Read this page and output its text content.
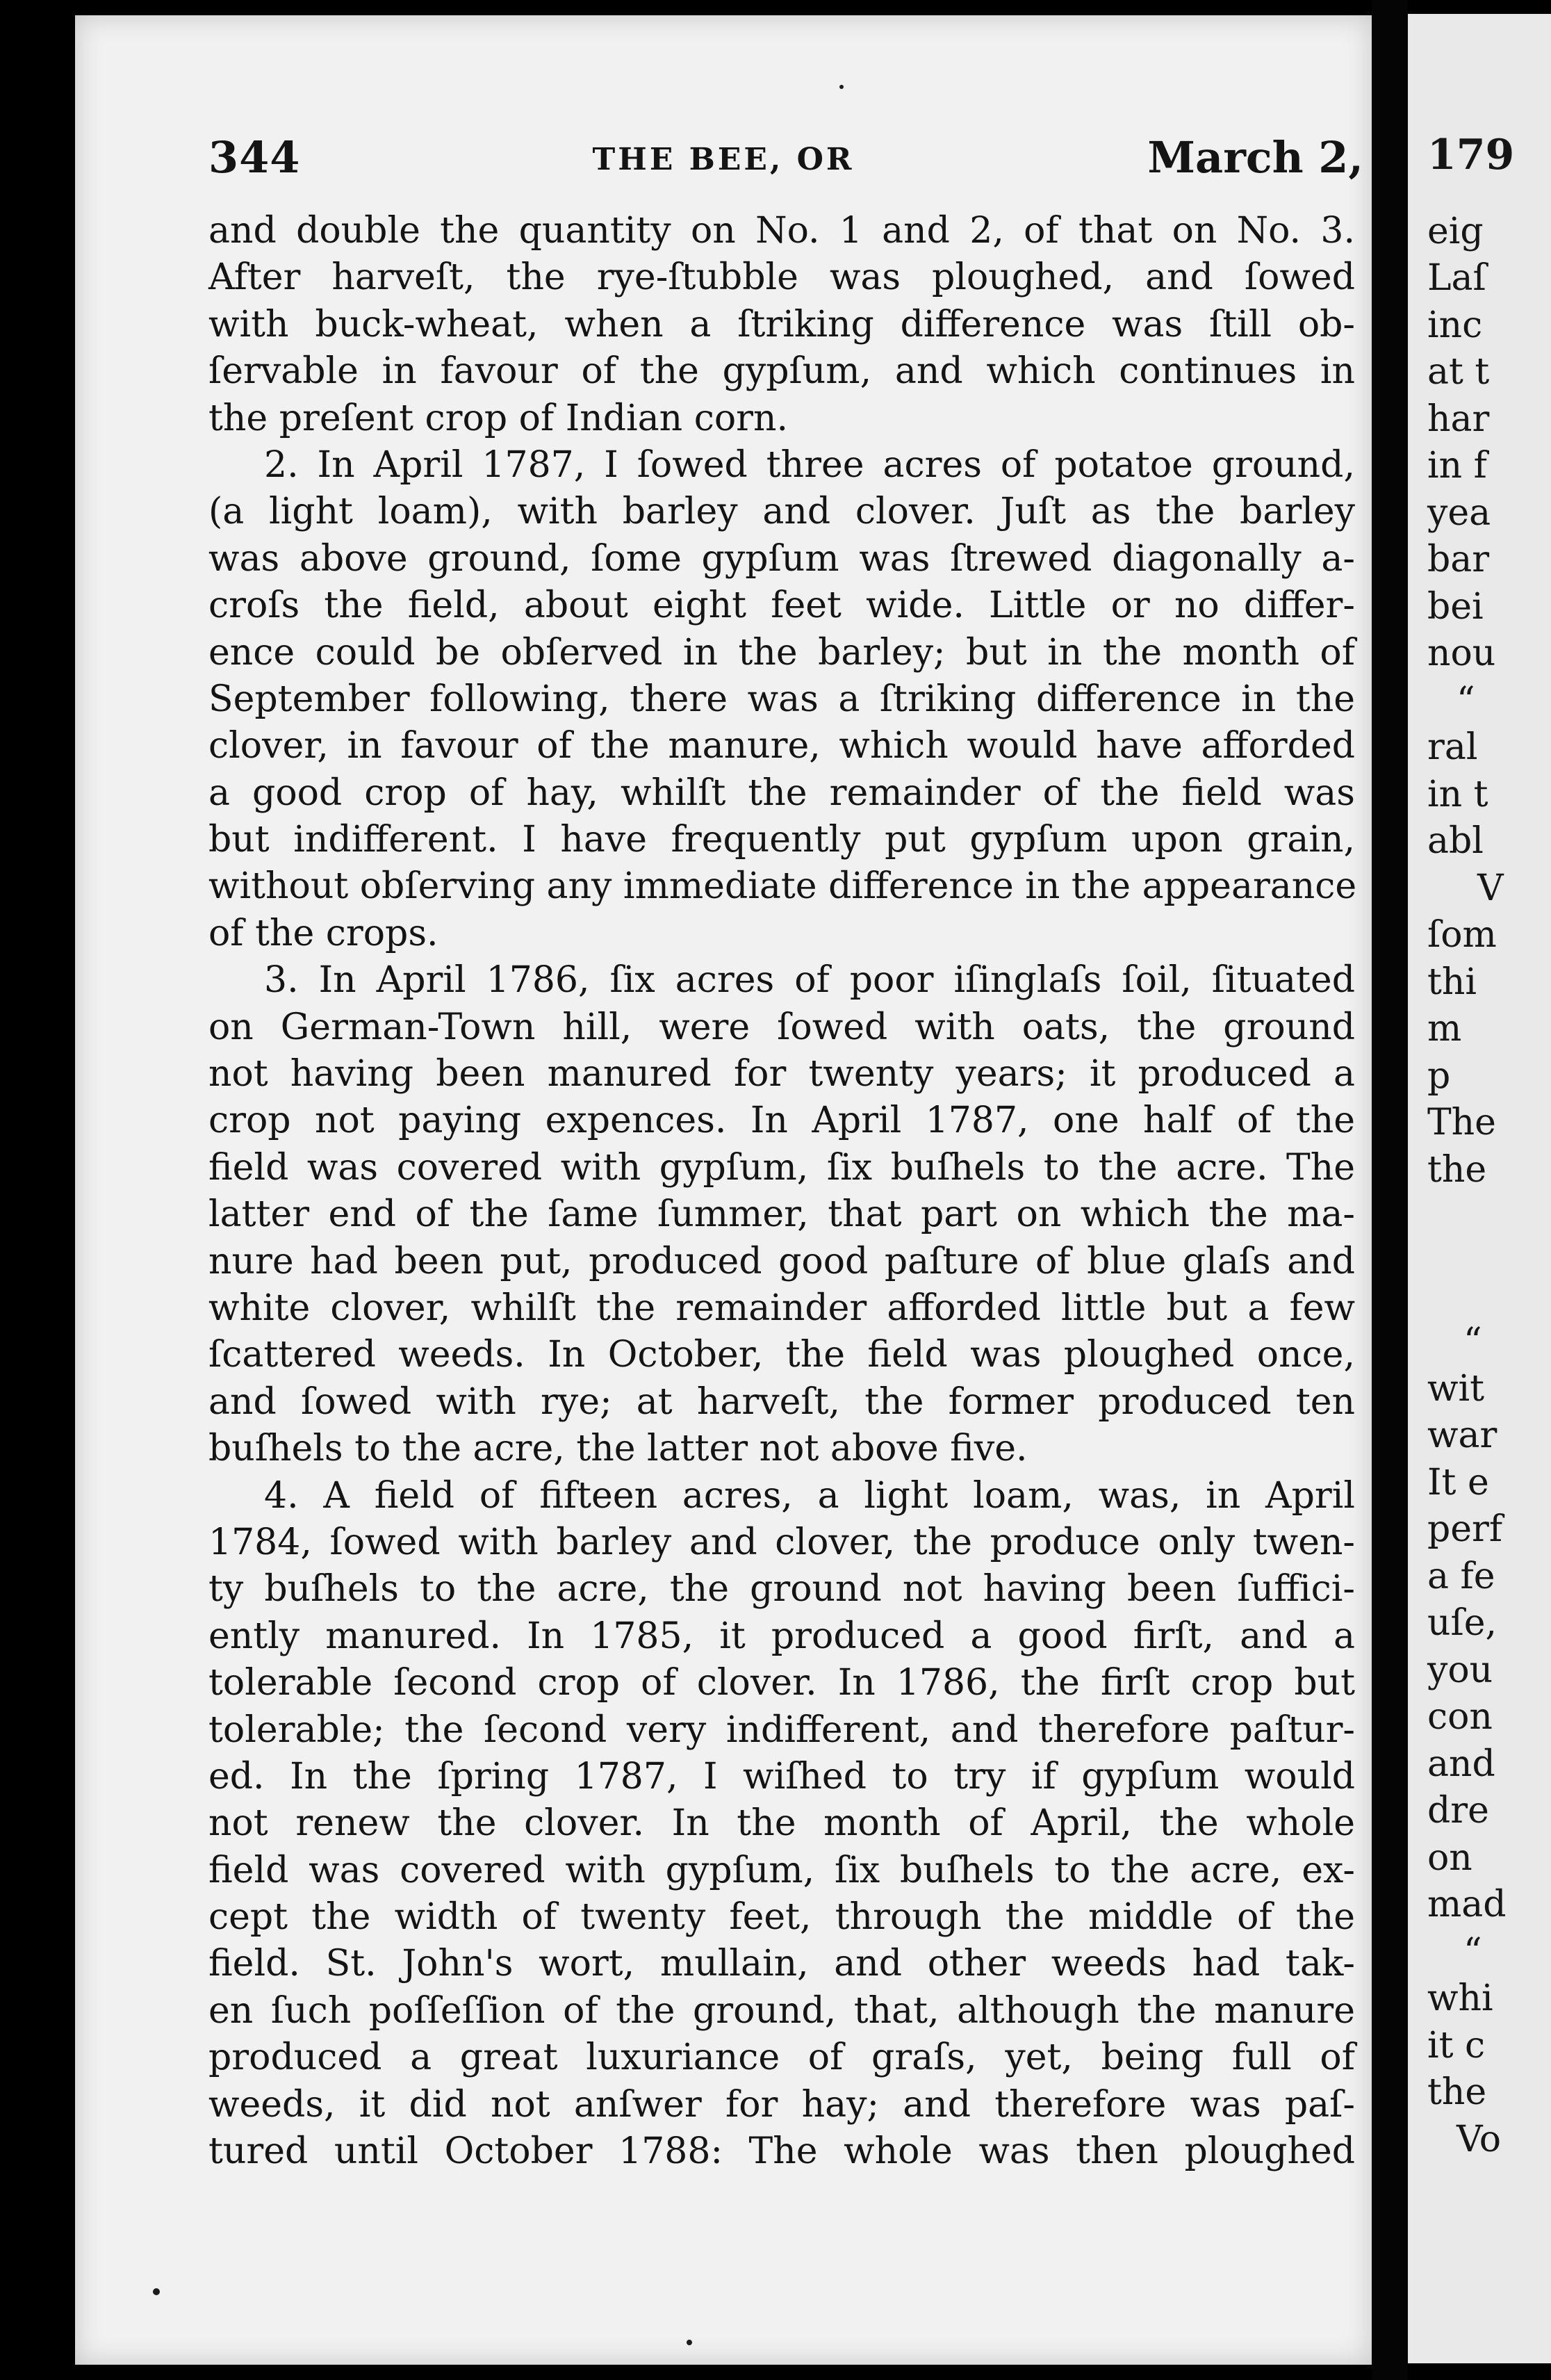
344	THE BEE, OR	March 2,
and double the quantity on No. 1 and 2, of that on No. 3.
After harveſt, the rye-ſtubble was ploughed, and ſowed
with buck-wheat, when a ſtriking difference was ſtill ob-
ſervable in favour of the gypſum, and which continues in
the preſent crop of Indian corn.
2. In April 1787, I ſowed three acres of potatoe ground,
(a light loam), with barley and clover. Juſt as the barley
was above ground, ſome gypſum was ſtrewed diagonally a-
croſs the field, about eight feet wide. Little or no differ-
ence could be obſerved in the barley; but in the month of
September following, there was a ſtriking difference in the
clover, in favour of the manure, which would have afforded
a good crop of hay, whilſt the remainder of the field was
but indifferent. I have frequently put gypſum upon grain,
without obſerving any immediate difference in the appearance
of the crops.
3. In April 1786, ſix acres of poor iſinglaſs ſoil, ſituated
on German-Town hill, were ſowed with oats, the ground
not having been manured for twenty years; it produced a
crop not paying expences. In April 1787, one half of the
field was covered with gypſum, ſix buſhels to the acre. The
latter end of the ſame ſummer, that part on which the ma-
nure had been put, produced good paſture of blue glaſs and
white clover, whilſt the remainder afforded little but a few
ſcattered weeds. In October, the field was ploughed once,
and ſowed with rye; at harveſt, the former produced ten
buſhels to the acre, the latter not above five.
4. A field of fifteen acres, a light loam, was, in April
1784, ſowed with barley and clover, the produce only twen-
ty buſhels to the acre, the ground not having been ſuffici-
ently manured. In 1785, it produced a good firſt, and a
tolerable ſecond crop of clover. In 1786, the firſt crop but
tolerable; the ſecond very indifferent, and therefore paſtur-
ed. In the ſpring 1787, I wiſhed to try if gypſum would
not renew the clover. In the month of April, the whole
field was covered with gypſum, ſix buſhels to the acre, ex-
cept the width of twenty feet, through the middle of the
field. St. John's wort, mullain, and other weeds had tak-
en ſuch poſſeſſion of the ground, that, although the manure
produced a great luxuriance of graſs, yet, being full of
weeds, it did not anſwer for hay; and therefore was paſ-
tured until October 1788: The whole was then ploughed
179
eig
Laſ
inc
at t
har
in f
yea
bar
bei
nou
“
ral
in t
abl
V
ſom
thi
m
p
The
the
“
wit
war
It e
perf
a fe
uſe,
you
con
and
dre
on
mad
“
whi
it c
the
Vo
